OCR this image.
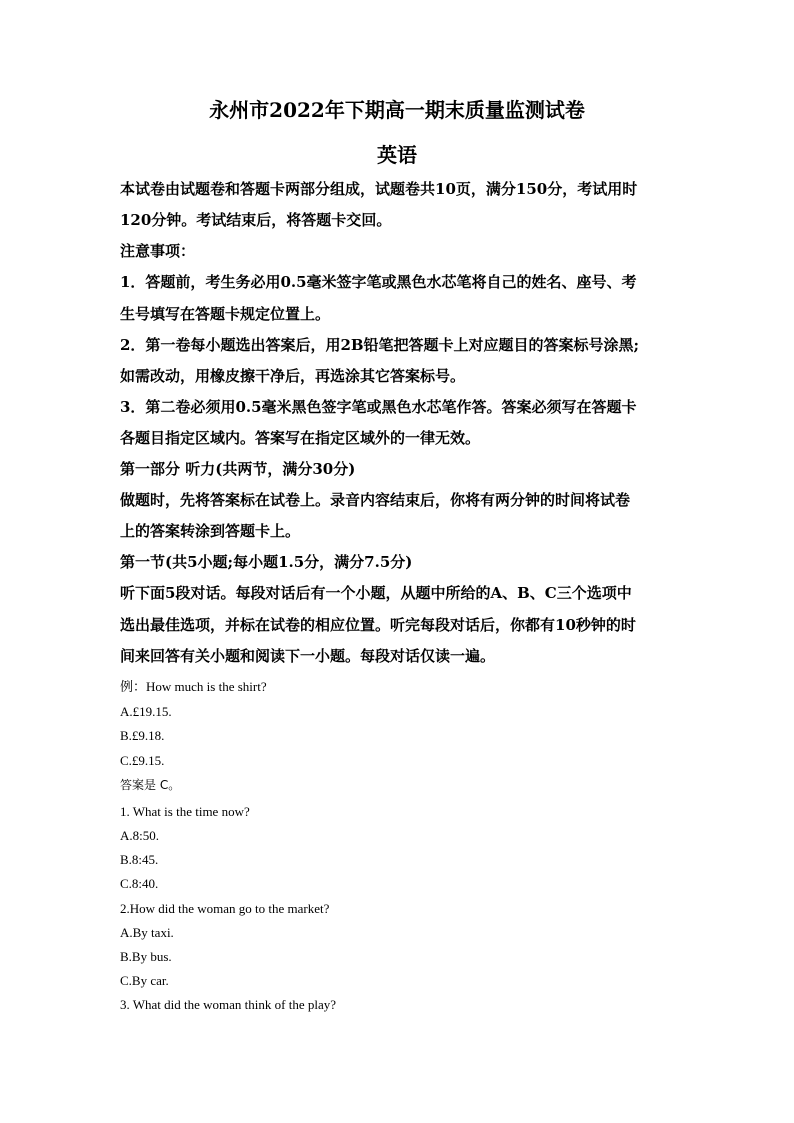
永州市2022年下期高一期末质量监测试卷
英语
本试卷由试题卷和答题卡两部分组成，试题卷共10页，满分150分，考试用时
120分钟。考试结束后，将答题卡交回。
注意事项：
1．答题前，考生务必用0.5毫米签字笔或黑色水芯笔将自己的姓名、座号、考
生号填写在答题卡规定位置上。
2．第一卷每小题选出答案后，用2B铅笔把答题卡上对应题目的答案标号涂黑;
如需改动，用橡皮擦干净后，再选涂其它答案标号。
3．第二卷必须用0.5毫米黑色签字笔或黑色水芯笔作答。答案必须写在答题卡
各题目指定区域内。答案写在指定区域外的一律无效。
第一部分 听力(共两节，满分30分)
做题时，先将答案标在试卷上。录音内容结束后，你将有两分钟的时间将试卷
上的答案转涂到答题卡上。
第一节(共5小题;每小题1.5分，满分7.5分)
听下面5段对话。每段对话后有一个小题，从题中所给的A、B、C三个选项中
选出最佳选项，并标在试卷的相应位置。听完每段对话后，你都有10秒钟的时
间来回答有关小题和阅读下一小题。每段对话仅读一遍。
例：How much is the shirt?
A.£19.15.
B.£9.18.
C.£9.15.
答案是 C。
1. What is the time now?
A.8:50.
B.8:45.
C.8:40.
2.How did the woman go to the market?
A.By taxi.
B.By bus.
C.By car.
3. What did the woman think of the play?
